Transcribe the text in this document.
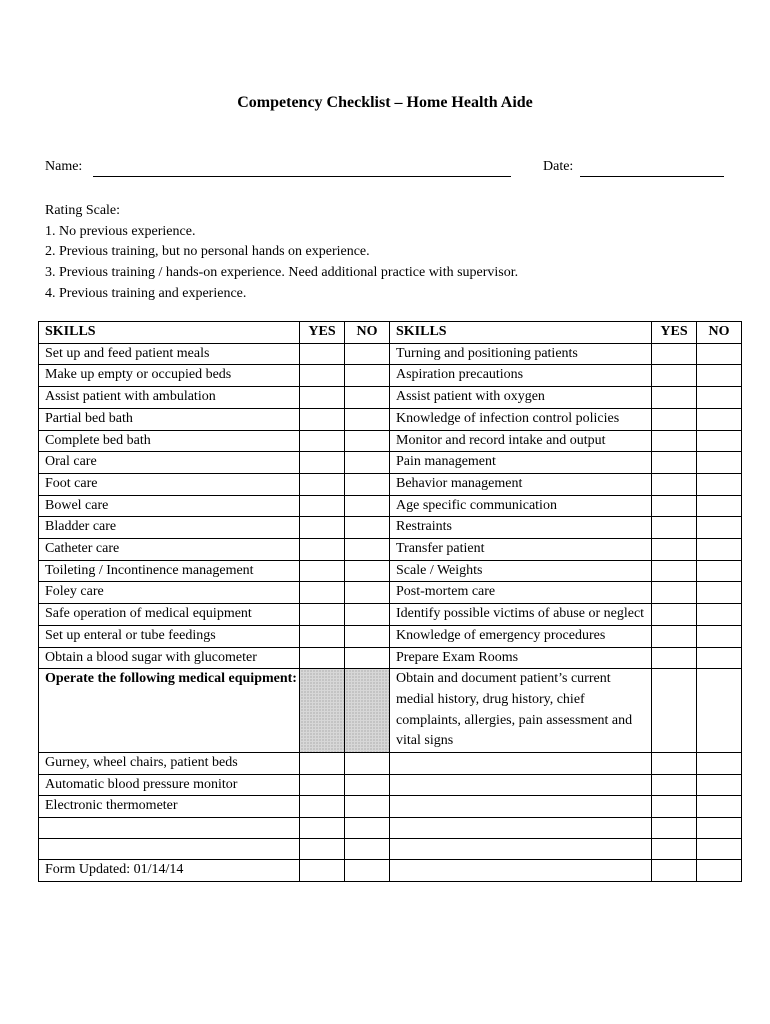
Competency Checklist – Home Health Aide
Name:	Date:
Rating Scale:
1. No previous experience.
2. Previous training, but no personal hands on experience.
3. Previous training / hands-on experience. Need additional practice with supervisor.
4. Previous training and experience.
SKILLS	YES	NO	SKILLS	YES	NO
Set up and feed patient meals			Turning and positioning patients		
Make up empty or occupied beds			Aspiration precautions		
Assist patient with ambulation			Assist patient with oxygen		
Partial bed bath			Knowledge of infection control policies		
Complete bed bath			Monitor and record intake and output		
Oral care			Pain management		
Foot care			Behavior management		
Bowel care			Age specific communication		
Bladder care			Restraints		
Catheter care			Transfer patient		
Toileting / Incontinence management			Scale / Weights		
Foley care			Post-mortem care		
Safe operation of medical equipment			Identify possible victims of abuse or neglect		
Set up enteral or tube feedings			Knowledge of emergency procedures		
Obtain a blood sugar with glucometer			Prepare Exam Rooms		
Operate the following medical equipment:			Obtain and document patient’s current medial history, drug history, chief complaints, allergies, pain assessment and vital signs		
Gurney, wheel chairs, patient beds					
Automatic blood pressure monitor					
Electronic thermometer					

Form Updated: 01/14/14					
